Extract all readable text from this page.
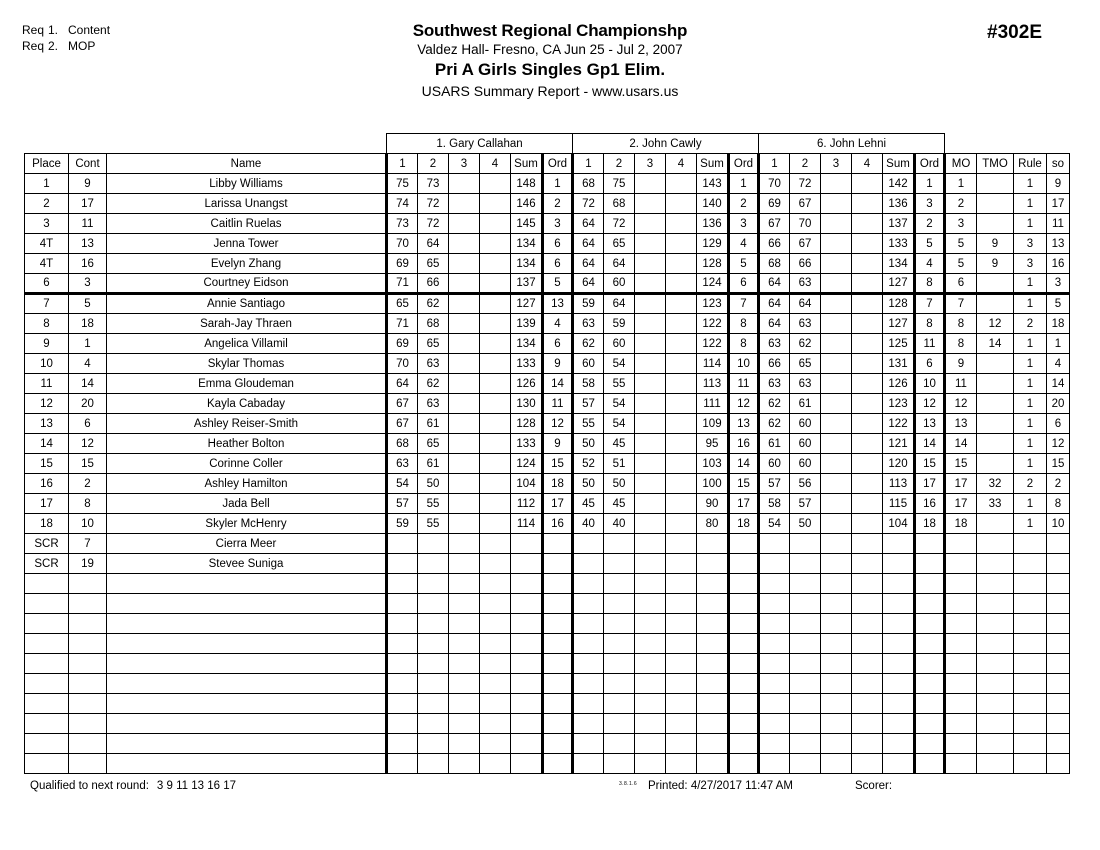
Req 1. Content
Req 2. MOP
Southwest Regional Championshp
Valdez Hall- Fresno, CA Jun 25 - Jul 2, 2007
Pri A Girls Singles Gp1 Elim.
USARS Summary Report - www.usars.us
#302E
			1. Gary Callahan						2. John Cawly						6. John Lehni									
Place	Cont	Name	1	2	3	4	Sum	Ord	1	2	3	4	Sum	Ord	1	2	3	4	Sum	Ord	MO	TMO	Rule	so
1	9	Libby Williams	75	73			148	1	68	75			143	1	70	72			142	1	1		1	9
2	17	Larissa Unangst	74	72			146	2	72	68			140	2	69	67			136	3	2		1	17
3	11	Caitlin Ruelas	73	72			145	3	64	72			136	3	67	70			137	2	3		1	11
4T	13	Jenna Tower	70	64			134	6	64	65			129	4	66	67			133	5	5	9	3	13
4T	16	Evelyn Zhang	69	65			134	6	64	64			128	5	68	66			134	4	5	9	3	16
6	3	Courtney Eidson	71	66			137	5	64	60			124	6	64	63			127	8	6		1	3
7	5	Annie Santiago	65	62			127	13	59	64			123	7	64	64			128	7	7		1	5
8	18	Sarah-Jay Thraen	71	68			139	4	63	59			122	8	64	63			127	8	8	12	2	18
9	1	Angelica Villamil	69	65			134	6	62	60			122	8	63	62			125	11	8	14	1	1
10	4	Skylar Thomas	70	63			133	9	60	54			114	10	66	65			131	6	9		1	4
11	14	Emma Gloudeman	64	62			126	14	58	55			113	11	63	63			126	10	11		1	14
12	20	Kayla Cabaday	67	63			130	11	57	54			111	12	62	61			123	12	12		1	20
13	6	Ashley Reiser-Smith	67	61			128	12	55	54			109	13	62	60			122	13	13		1	6
14	12	Heather Bolton	68	65			133	9	50	45			95	16	61	60			121	14	14		1	12
15	15	Corinne Coller	63	61			124	15	52	51			103	14	60	60			120	15	15		1	15
16	2	Ashley Hamilton	54	50			104	18	50	50			100	15	57	56			113	17	17	32	2	2
17	8	Jada Bell	57	55			112	17	45	45			90	17	58	57			115	16	17	33	1	8
18	10	Skyler McHenry	59	55			114	16	40	40			80	18	54	50			104	18	18		1	10
SCR	7	Cierra Meer																						
SCR	19	Stevee Suniga																						

Qualified to next round: 3 9 11 13 16 17	3.8.1.6 Printed: 4/27/2017 11:47 AM	Scorer:
